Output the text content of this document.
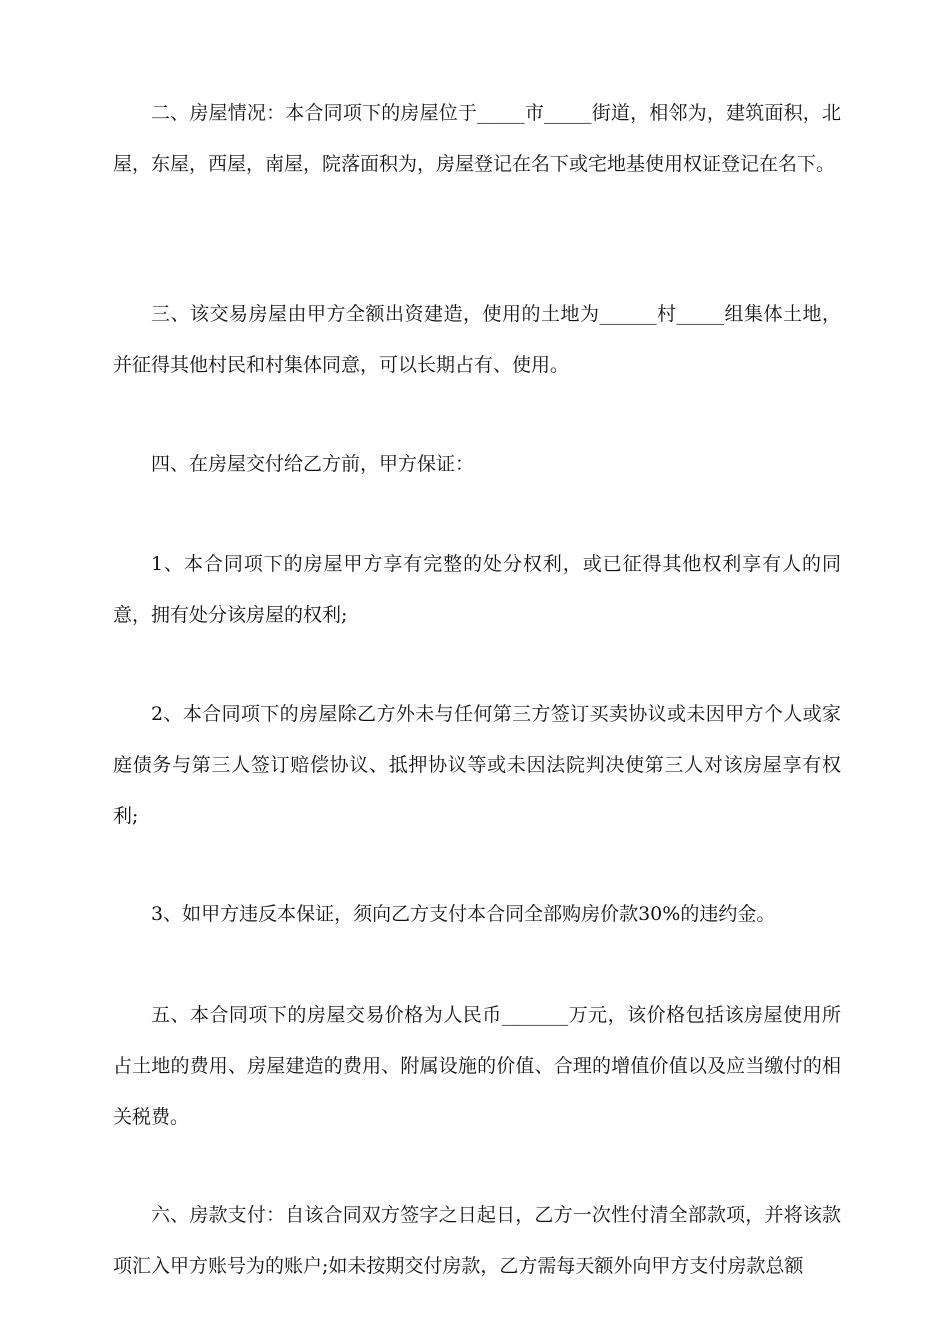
二、房屋情况：本合同项下的房屋位于_____市_____街道，相邻为，建筑面积，北屋，东屋，西屋，南屋，院落面积为，房屋登记在名下或宅地基使用权证登记在名下。

三、该交易房屋由甲方全额出资建造，使用的土地为______村_____组集体土地，并征得其他村民和村集体同意，可以长期占有、使用。

四、在房屋交付给乙方前，甲方保证：

1、本合同项下的房屋甲方享有完整的处分权利，或已征得其他权利享有人的同意，拥有处分该房屋的权利;

2、本合同项下的房屋除乙方外未与任何第三方签订买卖协议或未因甲方个人或家庭债务与第三人签订赔偿协议、抵押协议等或未因法院判决使第三人对该房屋享有权利;

3、如甲方违反本保证，须向乙方支付本合同全部购房价款30%的违约金。

五、本合同项下的房屋交易价格为人民币_______万元，该价格包括该房屋使用所占土地的费用、房屋建造的费用、附属设施的价值、合理的增值价值以及应当缴付的相关税费。

六、房款支付：自该合同双方签字之日起日，乙方一次性付清全部款项，并将该款项汇入甲方账号为的账户;如未按期交付房款，乙方需每天额外向甲方支付房款总额
